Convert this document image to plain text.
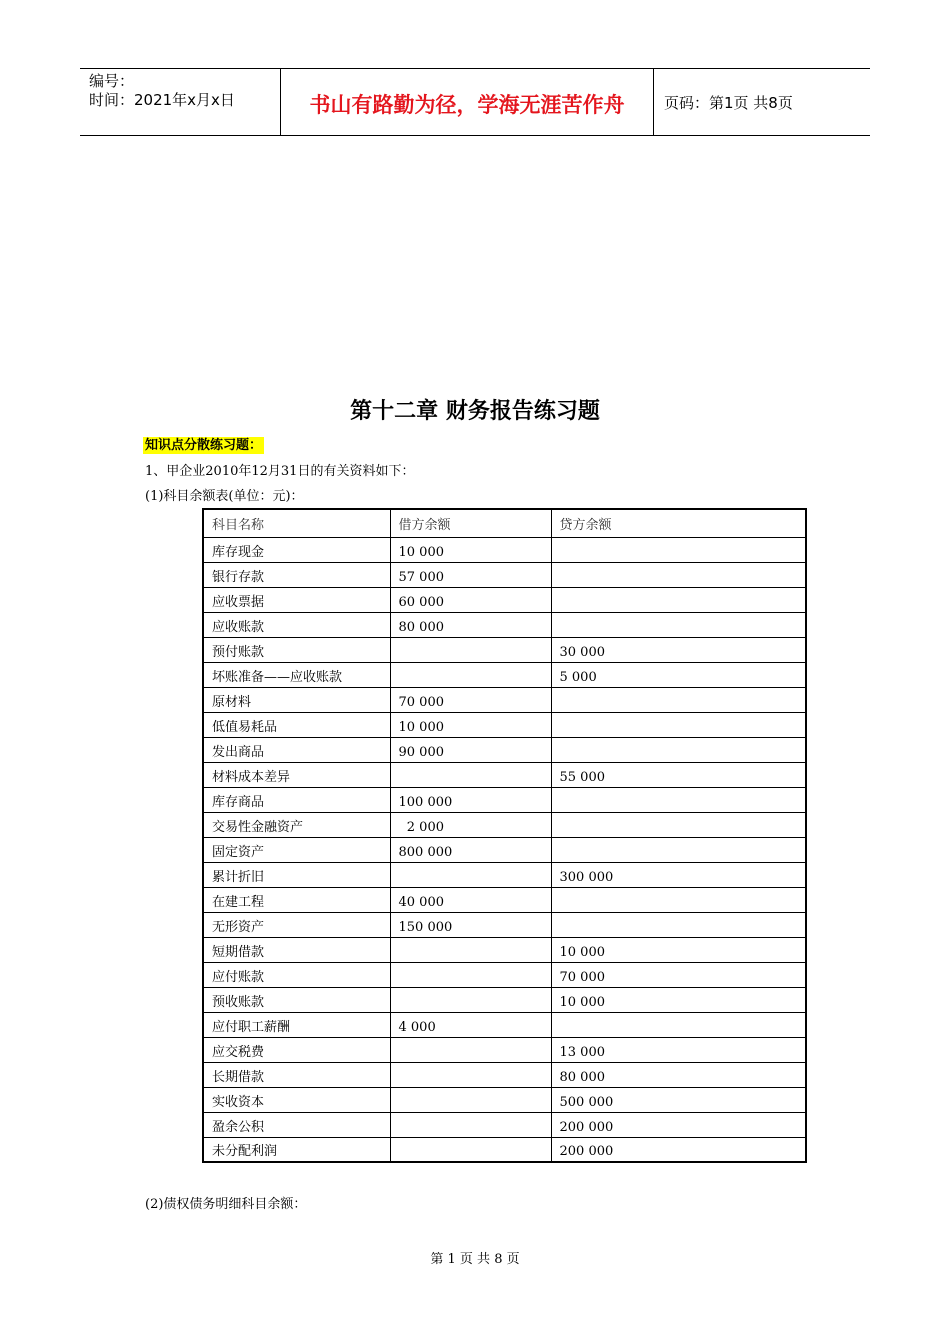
编号：
时间：2021年x月x日	书山有路勤为径，学海无涯苦作舟	页码：第1页 共8页
第十二章 财务报告练习题
知识点分散练习题：
1、甲企业2010年12月31日的有关资料如下：
(1)科目余额表(单位：元)：
科目名称	借方余额	贷方余额
库存现金	10 000	
银行存款	57 000	
应收票据	60 000	
应收账款	80 000	
预付账款		30 000
坏账准备——应收账款		5 000
原材料	70 000	
低值易耗品	10 000	
发出商品	90 000	
材料成本差异		55 000
库存商品	100 000	
交易性金融资产	2 000	
固定资产	800 000	
累计折旧		300 000
在建工程	40 000	
无形资产	150 000	
短期借款		10 000
应付账款		70 000
预收账款		10 000
应付职工薪酬	4 000	
应交税费		13 000
长期借款		80 000
实收资本		500 000
盈余公积		200 000
未分配利润		200 000
(2)债权债务明细科目余额：
第 1 页 共 8 页
